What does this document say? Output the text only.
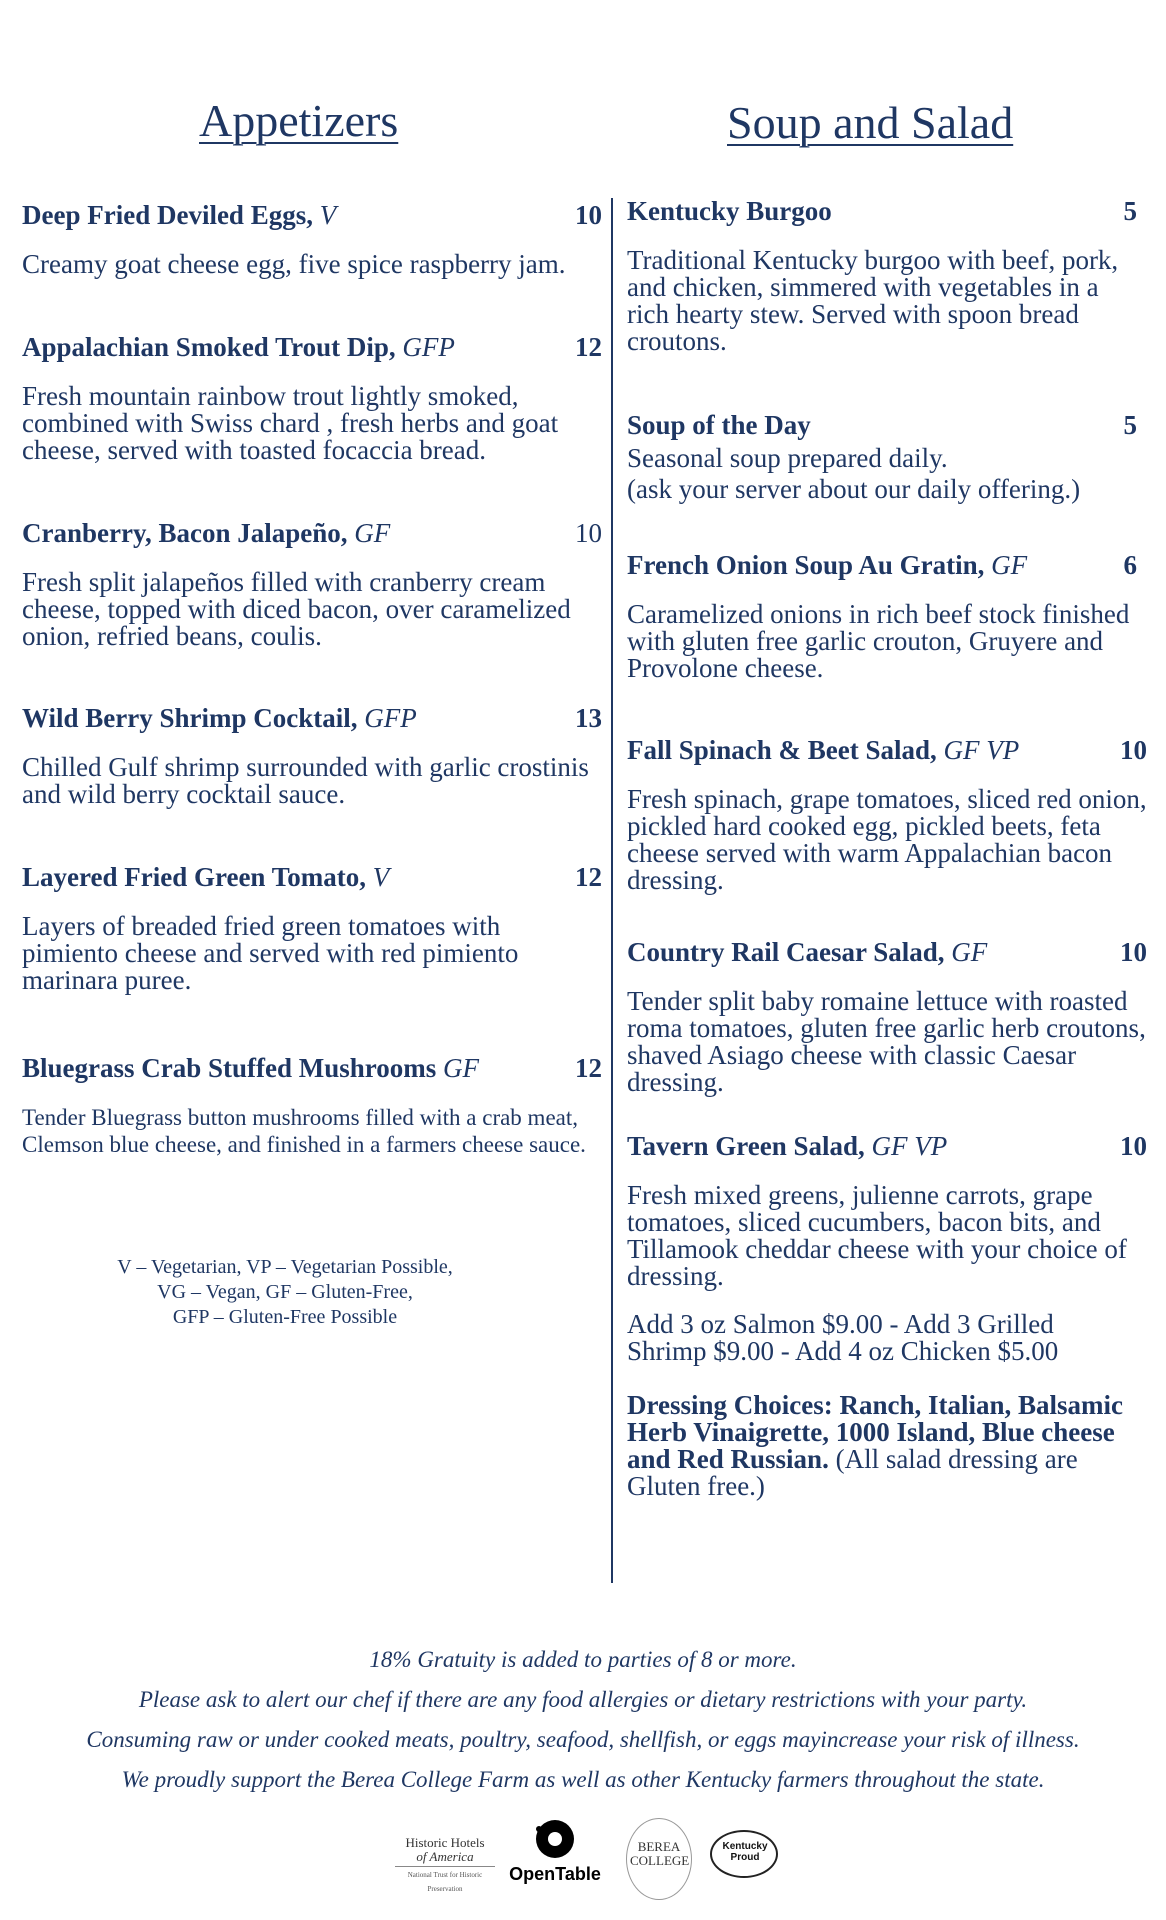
Appetizers
Deep Fried Deviled Eggs, V	10
Creamy goat cheese egg, five spice raspberry jam.
Appalachian Smoked Trout Dip, GFP	12
Fresh mountain rainbow trout lightly smoked, combined with Swiss chard , fresh herbs and goat cheese, served with toasted focaccia bread.
Cranberry, Bacon Jalapeño, GF	10
Fresh split jalapeños filled with cranberry cream cheese, topped with diced bacon, over caramelized onion, refried beans, coulis.
Wild Berry Shrimp Cocktail, GFP	13
Chilled Gulf shrimp surrounded with garlic crostinis and wild berry cocktail sauce.
Layered Fried Green Tomato, V	12
Layers of breaded fried green tomatoes with pimiento cheese and served with red pimiento marinara puree.
Bluegrass Crab Stuffed Mushrooms GF	12
Tender Bluegrass button mushrooms filled with a crab meat, Clemson blue cheese, and finished in a farmers cheese sauce.
V – Vegetarian, VP – Vegetarian Possible,
VG – Vegan, GF – Gluten-Free,
GFP – Gluten-Free Possible
Soup and Salad
Kentucky Burgoo	5
Traditional Kentucky burgoo with beef, pork, and chicken, simmered with vegetables in a rich hearty stew. Served with spoon bread croutons.
Soup of the Day	5
Seasonal soup prepared daily.
(ask your server about our daily offering.)
French Onion Soup Au Gratin, GF	6
Caramelized onions in rich beef stock finished with gluten free garlic crouton, Gruyere and Provolone cheese.
Fall Spinach & Beet Salad, GF VP	10
Fresh spinach, grape tomatoes, sliced red onion, pickled hard cooked egg, pickled beets, feta cheese served with warm Appalachian bacon dressing.
Country Rail Caesar Salad, GF	10
Tender split baby romaine lettuce with roasted roma tomatoes, gluten free garlic herb croutons, shaved Asiago cheese with classic Caesar dressing.
Tavern Green Salad, GF VP	10
Fresh mixed greens, julienne carrots, grape tomatoes, sliced cucumbers, bacon bits, and Tillamook cheddar cheese with your choice of dressing.
Add 3 oz Salmon $9.00 - Add 3 Grilled Shrimp $9.00 - Add 4 oz Chicken $5.00
Dressing Choices: Ranch, Italian, Balsamic Herb Vinaigrette, 1000 Island, Blue cheese and Red Russian. (All salad dressing are Gluten free.)
18% Gratuity is added to parties of 8 or more.
Please ask to alert our chef if there are any food allergies or dietary restrictions with your party.
Consuming raw or under cooked meats, poultry, seafood, shellfish, or eggs mayincrease your risk of illness.
We proudly support the Berea College Farm as well as other Kentucky farmers throughout the state.
Historic Hotels
of America
National Trust for Historic Preservation
OpenTable
BEREA
COLLEGE
Kentucky
Proud
